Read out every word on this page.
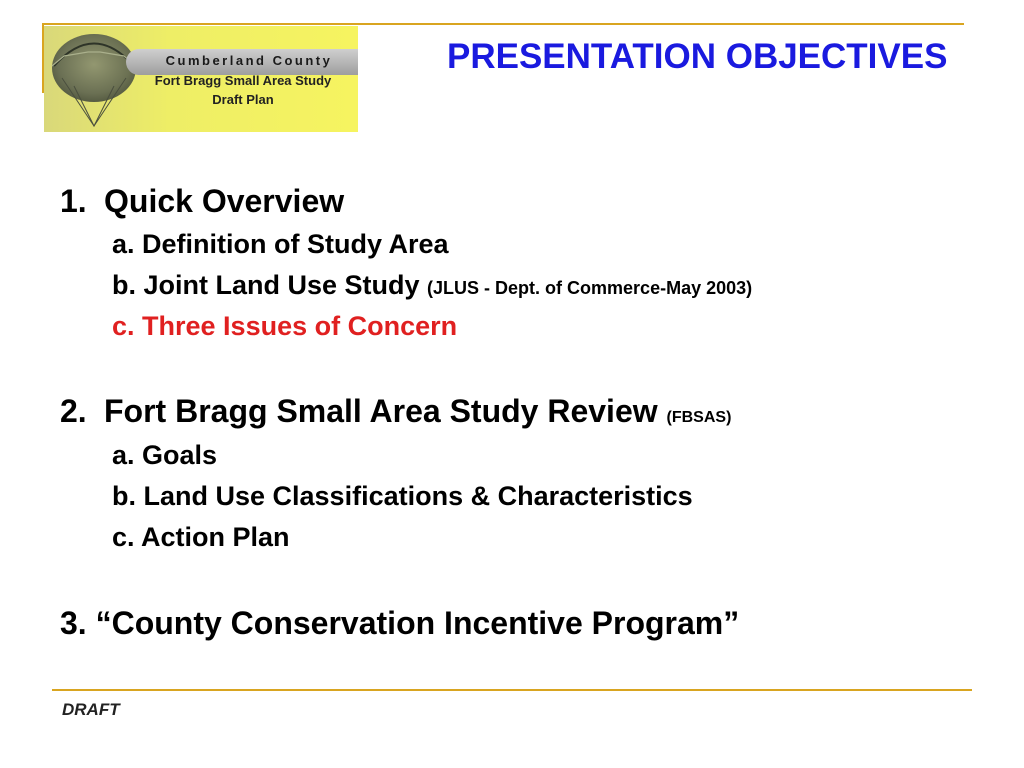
Cumberland County
Fort Bragg Small Area Study
Draft Plan
PRESENTATION OBJECTIVES
1. Quick Overview
a. Definition of Study Area
b. Joint Land Use Study (JLUS - Dept. of Commerce-May 2003)
c. Three Issues of Concern
2. Fort Bragg Small Area Study Review (FBSAS)
a. Goals
b. Land Use Classifications & Characteristics
c. Action Plan
3. “County Conservation Incentive Program”
DRAFT
